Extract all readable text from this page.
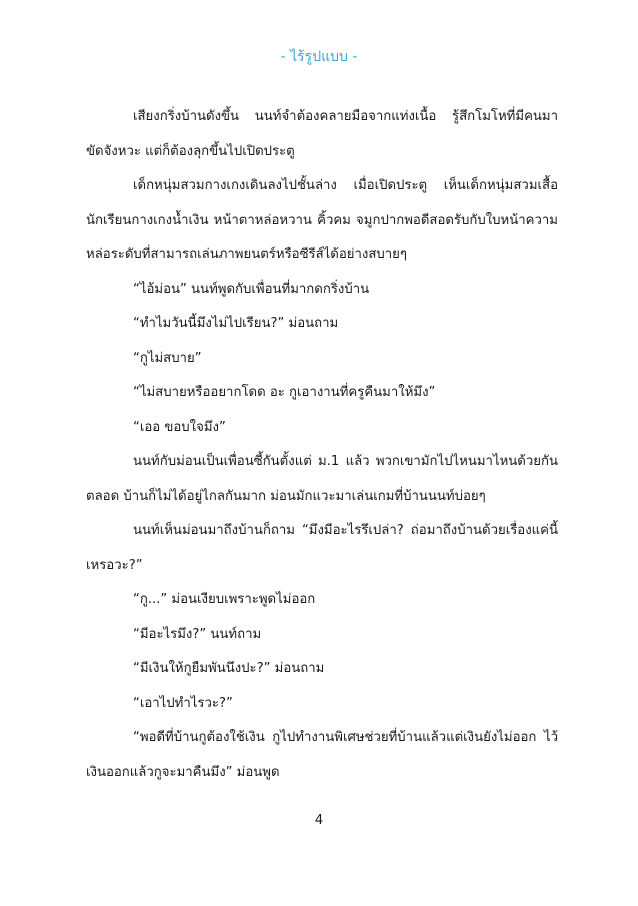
- ไร้รูปแบบ -

เสียงกริ่งบ้านดังขึ้น นนท์จำต้องคลายมือจากแท่งเนื้อ รู้สึกโมโหที่มีคนมาขัดจังหวะ แต่ก็ต้องลุกขึ้นไปเปิดประตู

เด็กหนุ่มสวมกางเกงเดินลงไปชั้นล่าง เมื่อเปิดประตู เห็นเด็กหนุ่มสวมเสื้อนักเรียนกางเกงน้ำเงิน หน้าตาหล่อหวาน คิ้วคม จมูกปากพอดีสอดรับกับใบหน้าความหล่อระดับที่สามารถเล่นภาพยนตร์หรือซีรีส์ได้อย่างสบายๆ

“ไอ้ม่อน” นนท์พูดกับเพื่อนที่มากดกริ่งบ้าน

“ทำไมวันนี้มึงไม่ไปเรียน?” ม่อนถาม

“กูไม่สบาย”

“ไม่สบายหรืออยากโดด อะ กูเอางานที่ครูคืนมาให้มึง”

“เออ ขอบใจมึง”

นนท์กับม่อนเป็นเพื่อนซี้กันตั้งแต่ ม.1 แล้ว พวกเขามักไปไหนมาไหนด้วยกันตลอด บ้านก็ไม่ได้อยู่ไกลกันมาก ม่อนมักแวะมาเล่นเกมที่บ้านนนท์บ่อยๆ

นนท์เห็นม่อนมาถึงบ้านก็ถาม “มึงมีอะไรรึเปล่า? ถ่อมาถึงบ้านด้วยเรื่องแค่นี้เหรอวะ?”

“กู...” ม่อนเงียบเพราะพูดไม่ออก

“มีอะไรมึง?” นนท์ถาม

“มีเงินให้กูยืมพันนึงปะ?” ม่อนถาม

“เอาไปทำไรวะ?”

“พอดีที่บ้านกูต้องใช้เงิน กูไปทำงานพิเศษช่วยที่บ้านแล้วแต่เงินยังไม่ออก ไว้เงินออกแล้วกูจะมาคืนมึง” ม่อนพูด

4
